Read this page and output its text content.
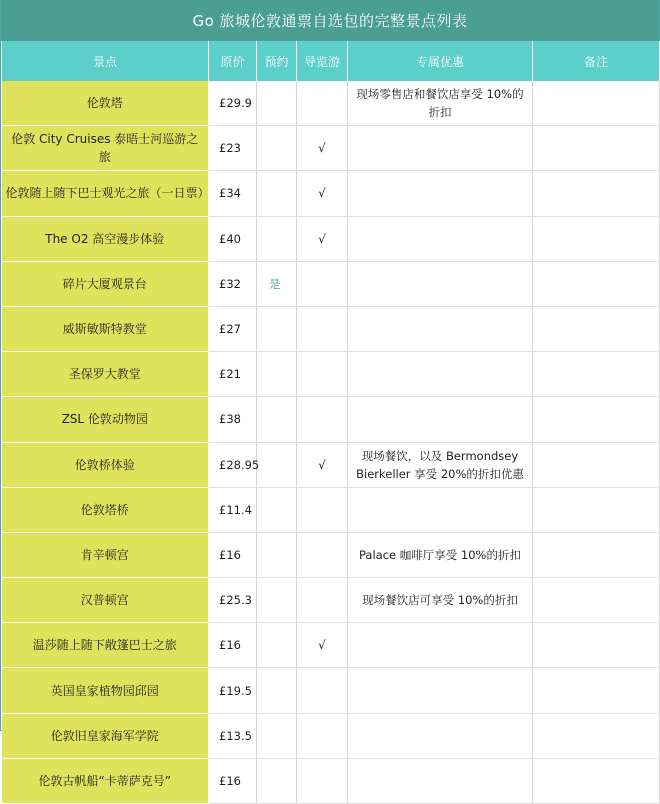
Go 旅城伦敦通票自选包的完整景点列表
景点	原价	预约	导览游	专属优惠	备注
伦敦塔	£29.9			现场零售店和餐饮店享受 10%的折扣	
伦敦 City Cruises 泰晤士河巡游之旅	£23		√		
伦敦随上随下巴士观光之旅（一日票）	£34		√		
The O2 高空漫步体验	£40		√		
碎片大厦观景台	£32	是			
威斯敏斯特教堂	£27				
圣保罗大教堂	£21				
ZSL 伦敦动物园	£38				
伦敦桥体验	£28.95		√	现场餐饮，以及 Bermondsey Bierkeller 享受 20%的折扣优惠	
伦敦塔桥	£11.4				
肯辛顿宫	£16			Palace 咖啡厅享受 10%的折扣	
汉普顿宫	£25.3			现场餐饮店可享受 10%的折扣	
温莎随上随下敞篷巴士之旅	£16		√		
英国皇家植物园邱园	£19.5				
伦敦旧皇家海军学院	£13.5				
伦敦古帆船“卡蒂萨克号”	£16				
